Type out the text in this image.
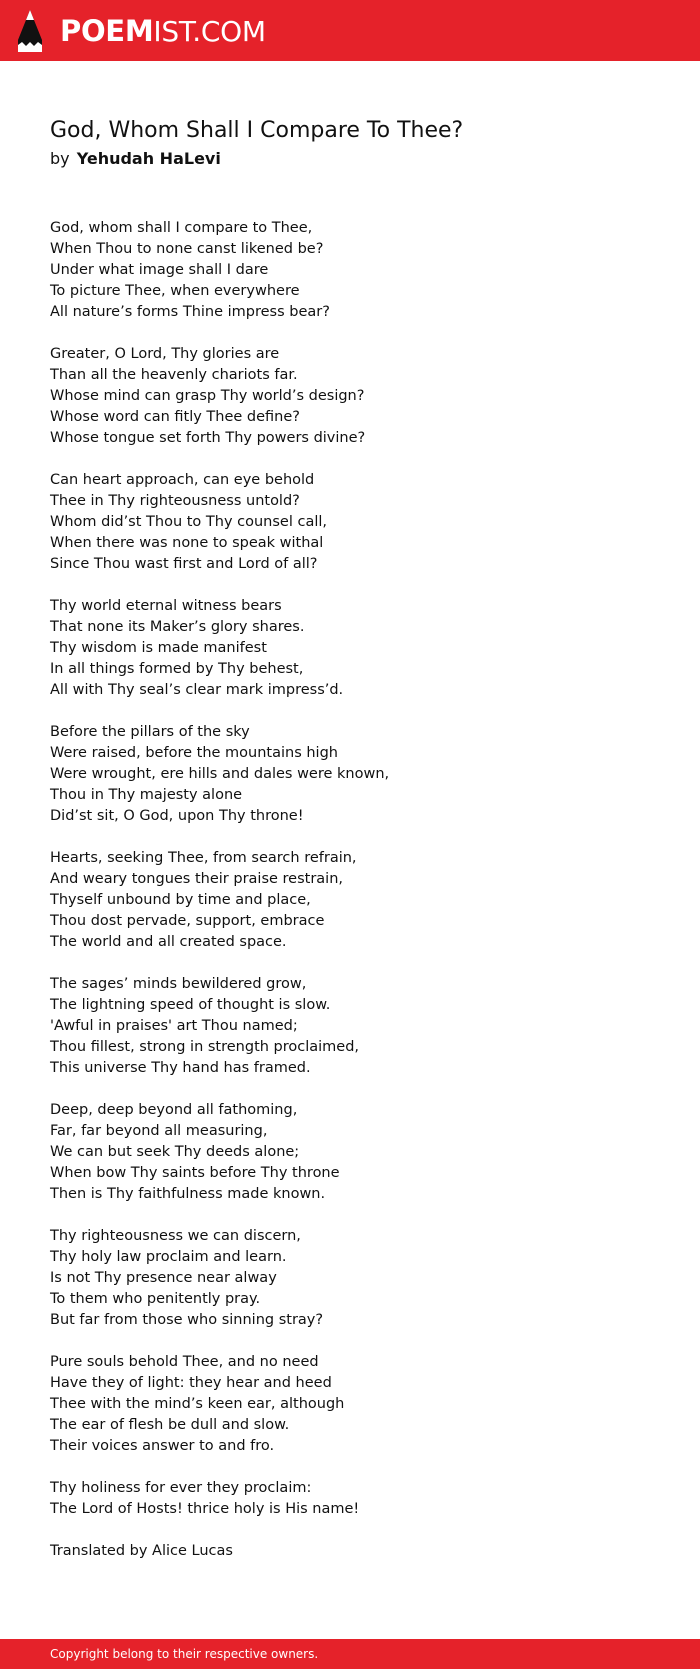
POEMIST.COM
God, Whom Shall I Compare To Thee?
by Yehudah HaLevi
God, whom shall I compare to Thee,
When Thou to none canst likened be?
Under what image shall I dare
To picture Thee, when everywhere
All nature’s forms Thine impress bear?
Greater, O Lord, Thy glories are
Than all the heavenly chariots far.
Whose mind can grasp Thy world’s design?
Whose word can fitly Thee define?
Whose tongue set forth Thy powers divine?
Can heart approach, can eye behold
Thee in Thy righteousness untold?
Whom did’st Thou to Thy counsel call,
When there was none to speak withal
Since Thou wast first and Lord of all?
Thy world eternal witness bears
That none its Maker’s glory shares.
Thy wisdom is made manifest
In all things formed by Thy behest,
All with Thy seal’s clear mark impress’d.
Before the pillars of the sky
Were raised, before the mountains high
Were wrought, ere hills and dales were known,
Thou in Thy majesty alone
Did’st sit, O God, upon Thy throne!
Hearts, seeking Thee, from search refrain,
And weary tongues their praise restrain,
Thyself unbound by time and place,
Thou dost pervade, support, embrace
The world and all created space.
The sages’ minds bewildered grow,
The lightning speed of thought is slow.
'Awful in praises' art Thou named;
Thou fillest, strong in strength proclaimed,
This universe Thy hand has framed.
Deep, deep beyond all fathoming,
Far, far beyond all measuring,
We can but seek Thy deeds alone;
When bow Thy saints before Thy throne
Then is Thy faithfulness made known.
Thy righteousness we can discern,
Thy holy law proclaim and learn.
Is not Thy presence near alway
To them who penitently pray.
But far from those who sinning stray?
Pure souls behold Thee, and no need
Have they of light: they hear and heed
Thee with the mind’s keen ear, although
The ear of flesh be dull and slow.
Their voices answer to and fro.
Thy holiness for ever they proclaim:
The Lord of Hosts! thrice holy is His name!
Translated by Alice Lucas
Copyright belong to their respective owners.
